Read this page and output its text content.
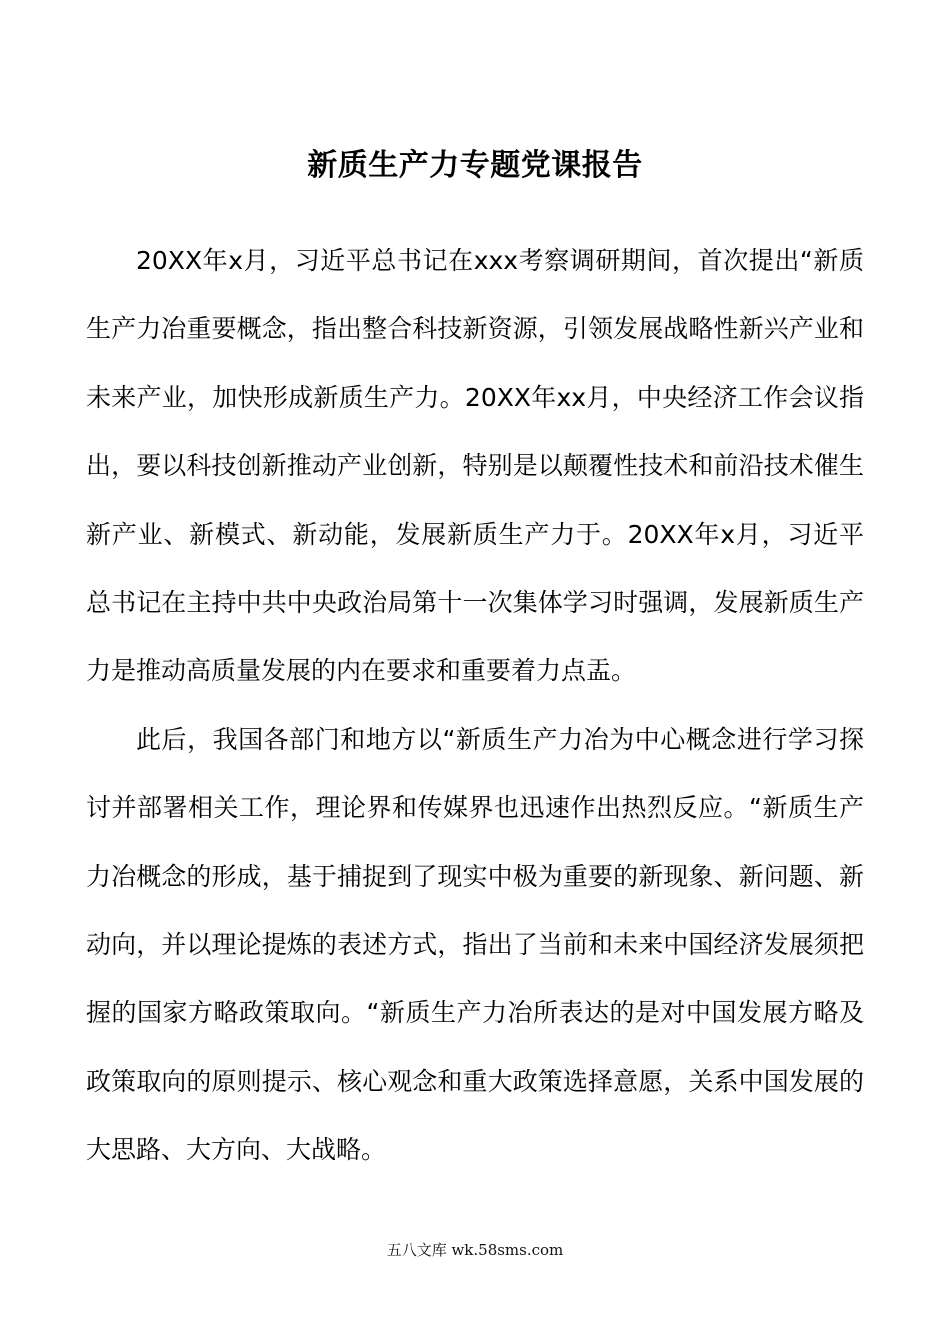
新质生产力专题党课报告

20XX年x月，习近平总书记在xxx考察调研期间，首次提出“新质生产力冶重要概念，指出整合科技新资源，引领发展战略性新兴产业和未来产业，加快形成新质生产力。20XX年xx月，中央经济工作会议指出，要以科技创新推动产业创新，特别是以颠覆性技术和前沿技术催生新产业、新模式、新动能，发展新质生产力于。20XX年x月，习近平总书记在主持中共中央政治局第十一次集体学习时强调，发展新质生产力是推动高质量发展的内在要求和重要着力点盂。

此后，我国各部门和地方以“新质生产力冶为中心概念进行学习探讨并部署相关工作，理论界和传媒界也迅速作出热烈反应。“新质生产力冶概念的形成，基于捕捉到了现实中极为重要的新现象、新问题、新动向，并以理论提炼的表述方式，指出了当前和未来中国经济发展须把握的国家方略政策取向。“新质生产力冶所表达的是对中国发展方略及政策取向的原则提示、核心观念和重大政策选择意愿，关系中国发展的大思路、大方向、大战略。

五八文库 wk.58sms.com
